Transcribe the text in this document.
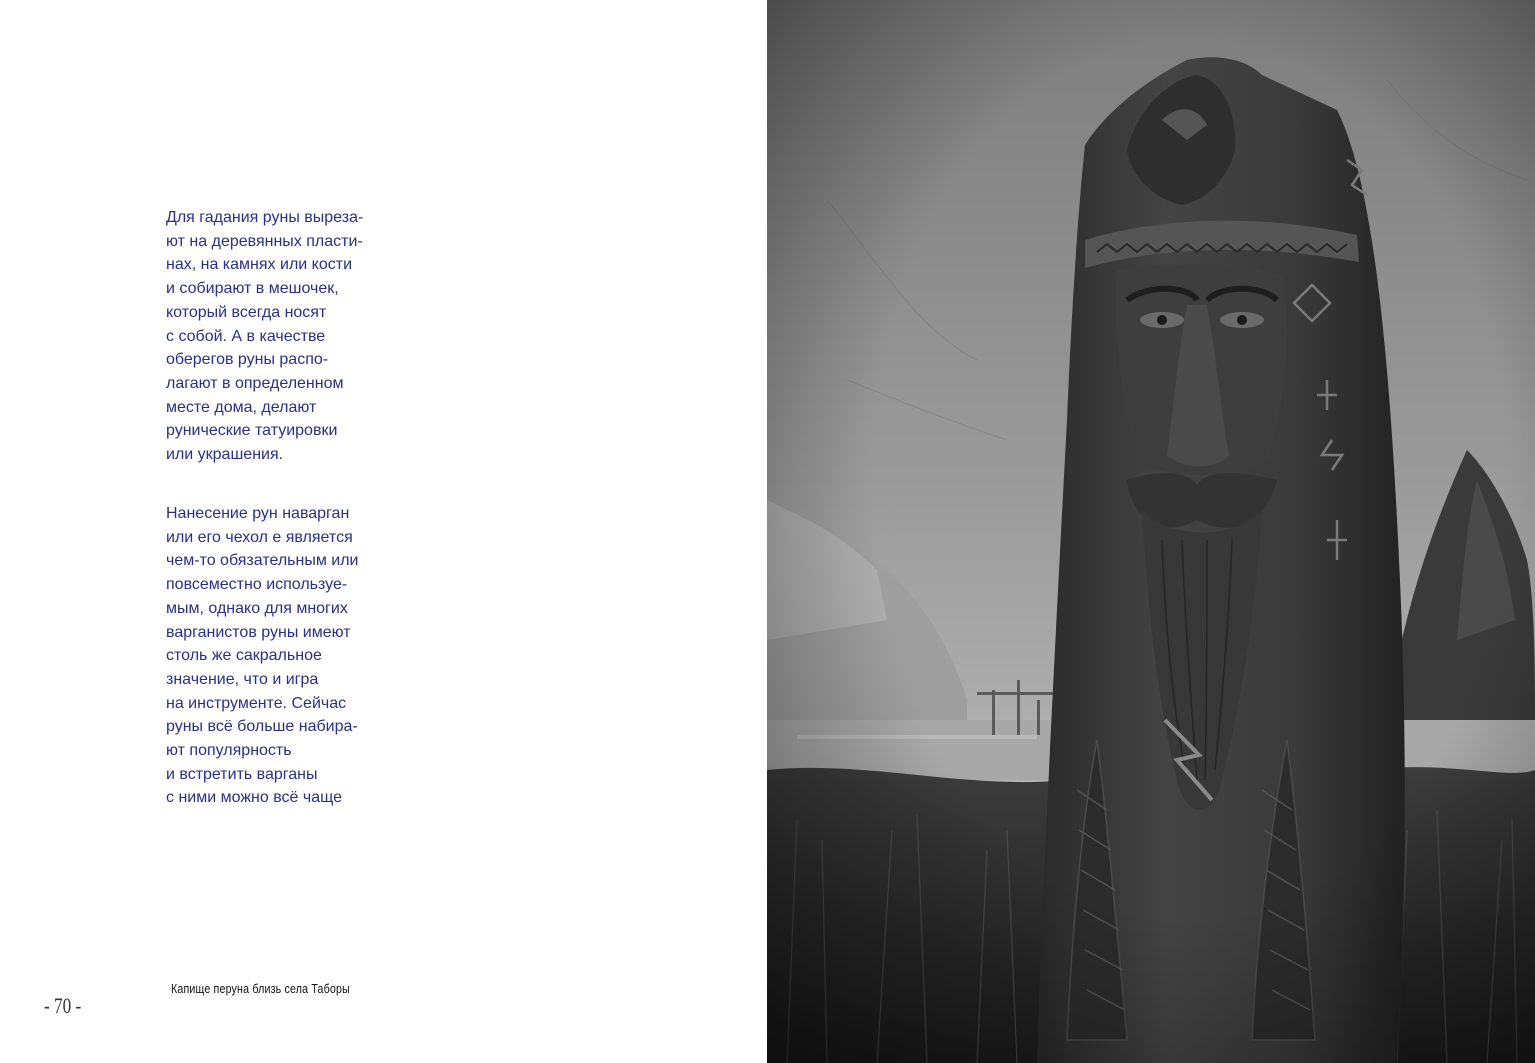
Для гадания руны выреза-
ют на деревянных пласти-
нах, на камнях или кости
и собирают в мешочек,
который всегда носят
с собой. А в качестве
оберегов руны распо-
лагают в определенном
месте дома, делают
рунические татуировки
или украшения.

Нанесение рун наварган
или его чехол е является
чем-то обязательным или
повсеместно используе-
мым, однако для многих
варганистов руны имеют
столь же сакральное
значение, что и игра
на инструменте. Сейчас
руны всё больше набира-
ют популярность
и встретить варганы
с ними можно всё чаще

Капище перуна близь села Таборы
- 70 -
